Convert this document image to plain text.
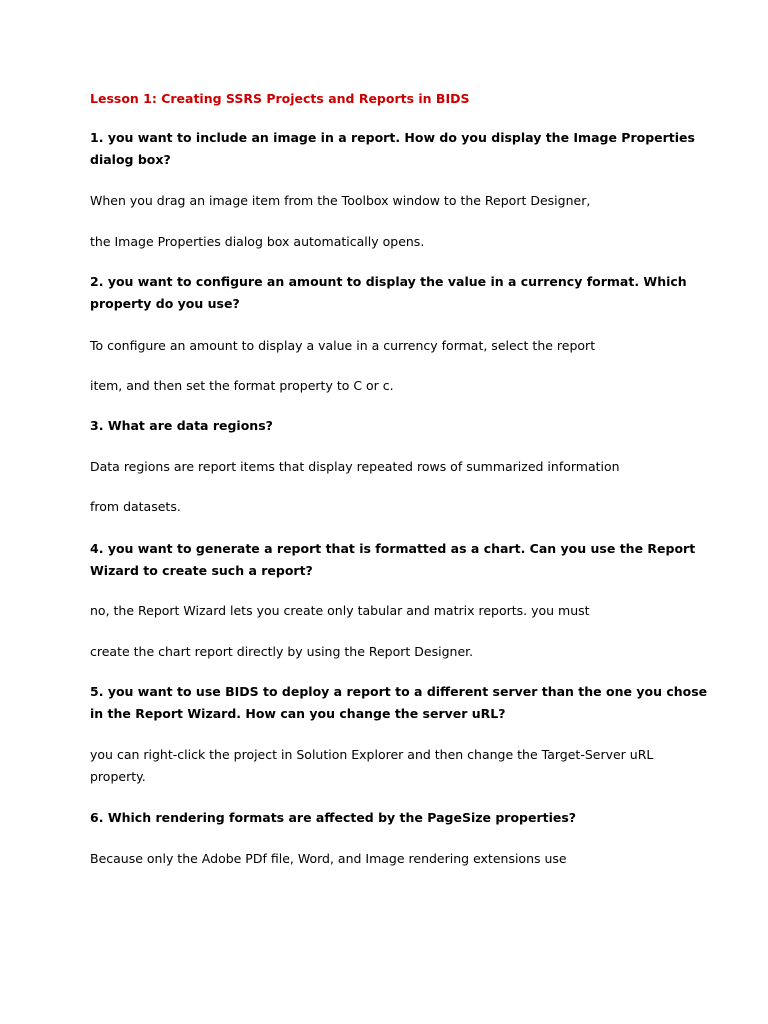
Lesson 1: Creating SSRS Projects and Reports in BIDS
1. you want to include an image in a report. How do you display the Image Properties dialog box?
When you drag an image item from the Toolbox window to the Report Designer,
the Image Properties dialog box automatically opens.
2. you want to configure an amount to display the value in a currency format. Which property do you use?
To configure an amount to display a value in a currency format, select the report
item, and then set the format property to C or c.
3. What are data regions?
Data regions are report items that display repeated rows of summarized information
from datasets.
4. you want to generate a report that is formatted as a chart. Can you use the Report Wizard to create such a report?
no, the Report Wizard lets you create only tabular and matrix reports. you must
create the chart report directly by using the Report Designer.
5. you want to use BIDS to deploy a report to a different server than the one you chose in the Report Wizard. How can you change the server uRL?
you can right-click the project in Solution Explorer and then change the Target-Server uRL property.
6. Which rendering formats are affected by the PageSize properties?
Because only the Adobe PDf file, Word, and Image rendering extensions use
